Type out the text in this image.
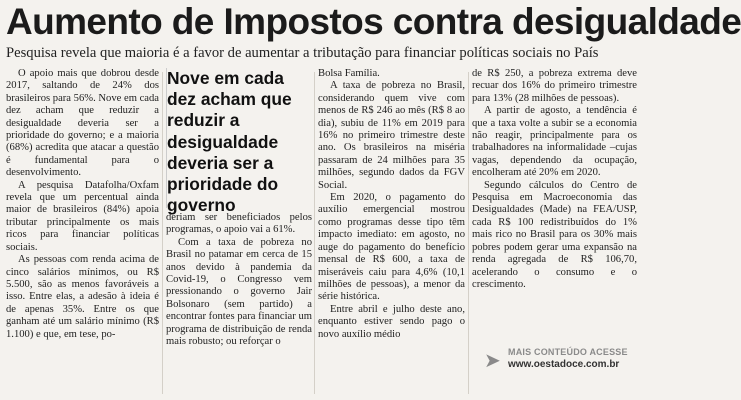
Aumento de Impostos contra desigualdade
Pesquisa revela que maioria é a favor de aumentar a tributação para financiar políticas sociais no País

O apoio mais que dobrou desde 2017, saltando de 24% dos brasileiros para 56%. Nove em cada dez acham que reduzir a desigualdade deveria ser a prioridade do governo; e a maioria (68%) acredita que atacar a questão é fundamental para o desenvolvimento.

A pesquisa Datafolha/Oxfam revela que um percentual ainda maior de brasileiros (84%) apoia tributar principalmente os mais ricos para financiar políticas sociais.

As pessoas com renda acima de cinco salários mínimos, ou R$ 5.500, são as menos favoráveis a isso. Entre elas, a adesão à ideia é de apenas 35%. Entre os que ganham até um salário mínimo (R$ 1.100) e que, em tese, po-

Nove em cada dez acham que reduzir a desigualdade deveria ser a prioridade do governo

deriam ser beneficiados pelos programas, o apoio vai a 61%.

Com a taxa de pobreza no Brasil no patamar em cerca de 15 anos devido à pandemia da Covid-19, o Congresso vem pressionando o governo Jair Bolsonaro (sem partido) a encontrar fontes para financiar um programa de distribuição de renda mais robusto; ou reforçar o

Bolsa Família.

A taxa de pobreza no Brasil, considerando quem vive com menos de R$ 246 ao mês (R$ 8 ao dia), subiu de 11% em 2019 para 16% no primeiro trimestre deste ano. Os brasileiros na miséria passaram de 24 milhões para 35 milhões, segundo dados da FGV Social.

Em 2020, o pagamento do auxílio emergencial mostrou como programas desse tipo têm impacto imediato: em agosto, no auge do pagamento do benefício mensal de R$ 600, a taxa de miseráveis caiu para 4,6% (10,1 milhões de pessoas), a menor da série histórica.

Entre abril e julho deste ano, enquanto estiver sendo pago o novo auxílio médio

de R$ 250, a pobreza extrema deve recuar dos 16% do primeiro trimestre para 13% (28 milhões de pessoas).

A partir de agosto, a tendência é que a taxa volte a subir se a economia não reagir, principalmente para os trabalhadores na informalidade –cujas vagas, dependendo da ocupação, encolheram até 20% em 2020.

Segundo cálculos do Centro de Pesquisa em Macroeconomia das Desigualdades (Made) na FEA/USP, cada R$ 100 redistribuídos do 1% mais rico no Brasil para os 30% mais pobres podem gerar uma expansão na renda agregada de R$ 106,70, acelerando o consumo e o crescimento.

➤ MAIS CONTEÚDO ACESSE
www.oestadoce.com.br
